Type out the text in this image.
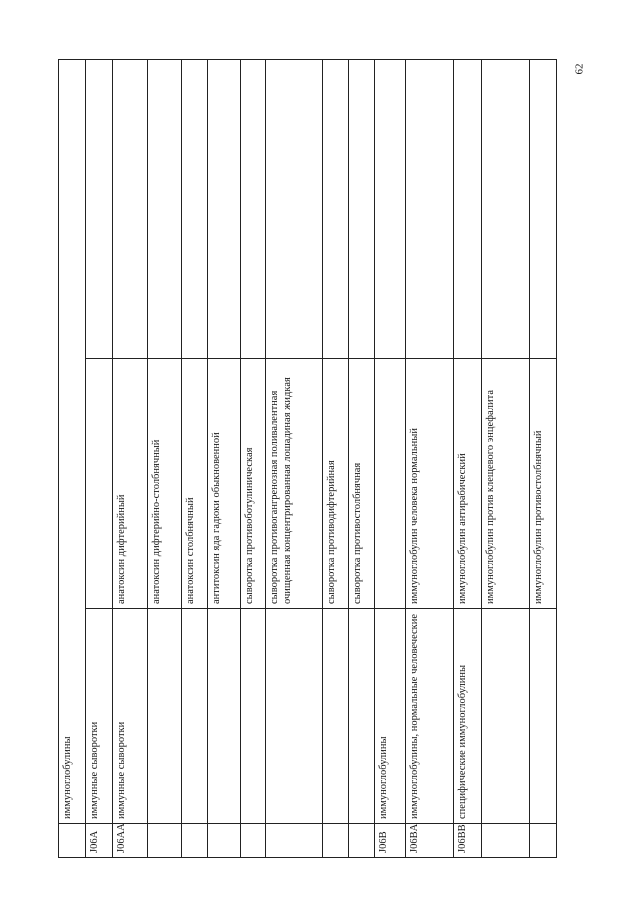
62
	иммуноглобулины		
J06A	иммунные сыворотки		
J06AA	иммунные сыворотки	анатоксин дифтерийный	
		анатоксин дифтерийно-столбнячный	
		анатоксин столбнячный	
		антитоксин яда гадюки обыкновенной	
		сыворотка противоботулиническая	
		сыворотка противогангренозная поливалентная очищенная концентрированная лошадиная жидкая	
		сыворотка противодифтерийная	
		сыворотка противостолбнячная	
J06B	иммуноглобулины		
J06BA	иммуноглобулины, нормальные человеческие	иммуноглобулин человека нормальный	
J06BB	специфические иммуноглобулины	иммуноглобулин антирабический	
		иммуноглобулин против клещевого энцефалита	
		иммуноглобулин противостолбнячный	
